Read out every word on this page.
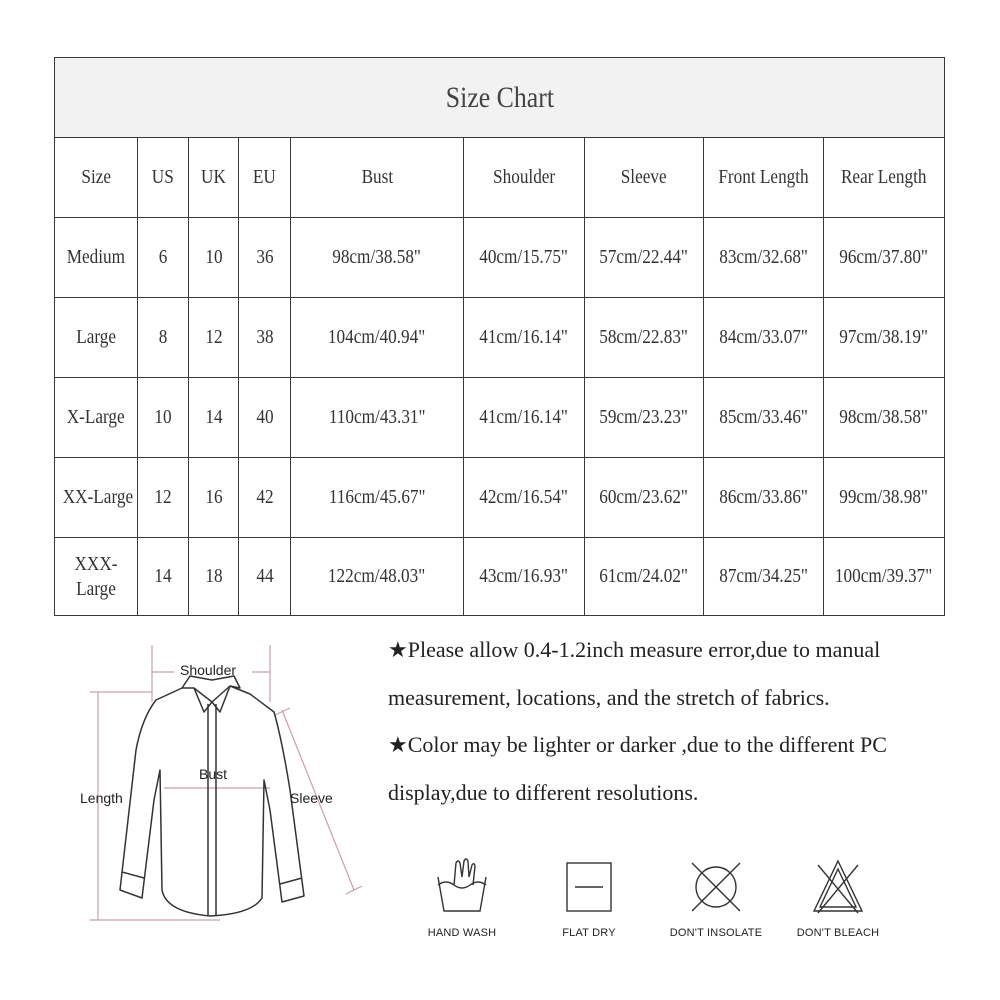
Size Chart								
Size	US	UK	EU	Bust	Shoulder	Sleeve	Front Length	Rear Length
Medium	6	10	36	98cm/38.58"	40cm/15.75"	57cm/22.44"	83cm/32.68"	96cm/37.80"
Large	8	12	38	104cm/40.94"	41cm/16.14"	58cm/22.83"	84cm/33.07"	97cm/38.19"
X-Large	10	14	40	110cm/43.31"	41cm/16.14"	59cm/23.23"	85cm/33.46"	98cm/38.58"
XX-Large	12	16	42	116cm/45.67"	42cm/16.54"	60cm/23.62"	86cm/33.86"	99cm/38.98"
XXX-Large	14	18	44	122cm/48.03"	43cm/16.93"	61cm/24.02"	87cm/34.25"	100cm/39.37"
Shoulder
Bust
Length	Sleeve

★Please allow 0.4-1.2inch measure error,due to manual measurement, locations, and the stretch of fabrics.

★Color may be lighter or darker ,due to the different PC display,due to different resolutions.

HAND WASH	FLAT DRY	DON'T INSOLATE	DON'T BLEACH
